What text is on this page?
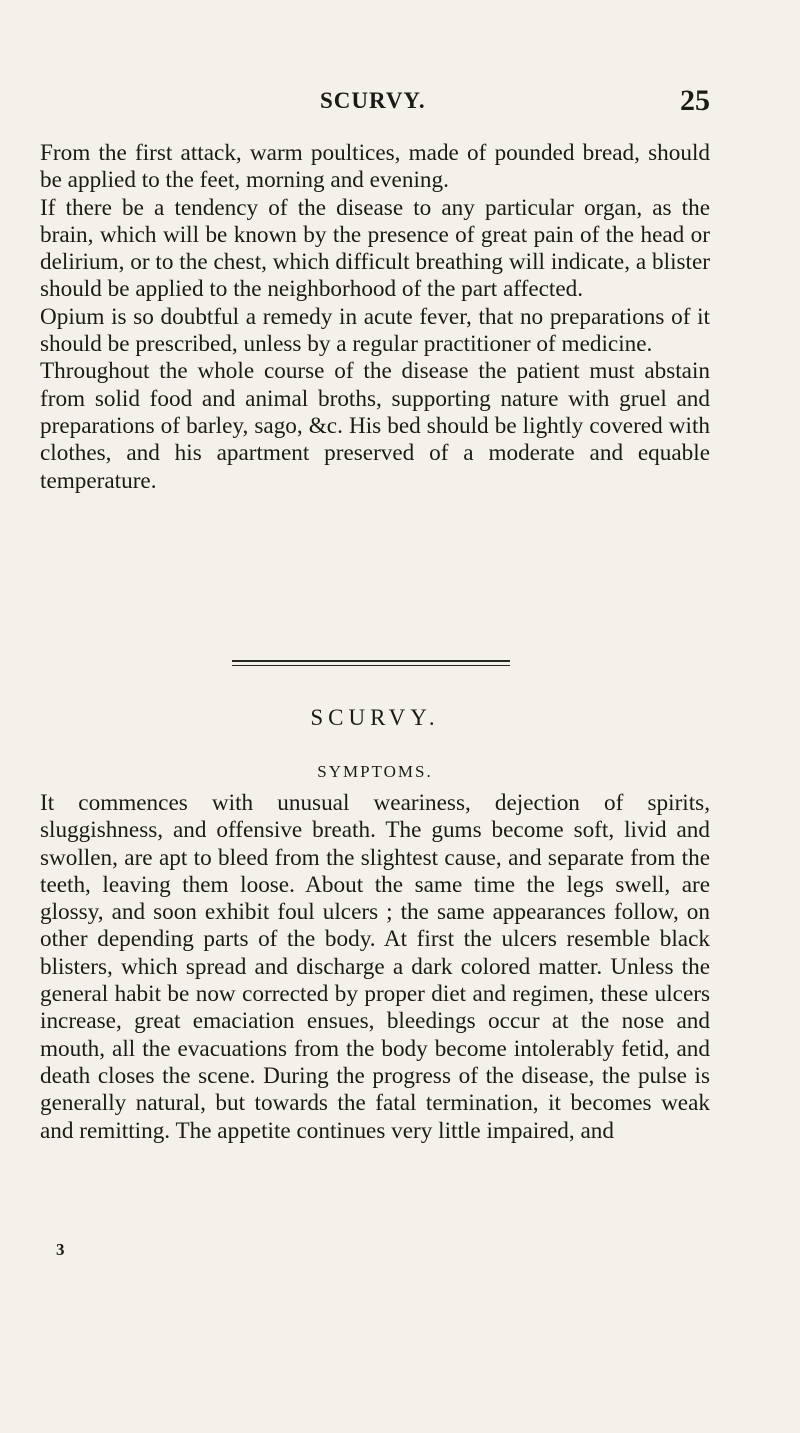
SCURVY.	25

From the first attack, warm poultices, made of pounded bread, should be applied to the feet, morning and evening.

If there be a tendency of the disease to any particular organ, as the brain, which will be known by the presence of great pain of the head or delirium, or to the chest, which difficult breathing will indicate, a blister should be applied to the neighborhood of the part affected.

Opium is so doubtful a remedy in acute fever, that no preparations of it should be prescribed, unless by a regular practitioner of medicine.

Throughout the whole course of the disease the patient must abstain from solid food and animal broths, supporting nature with gruel and preparations of barley, sago, &c. His bed should be lightly covered with clothes, and his apartment preserved of a moderate and equable temperature.

SCURVY.
SYMPTOMS.

It commences with unusual weariness, dejection of spirits, sluggishness, and offensive breath. The gums become soft, livid and swollen, are apt to bleed from the slightest cause, and separate from the teeth, leaving them loose. About the same time the legs swell, are glossy, and soon exhibit foul ulcers ; the same appearances follow, on other depending parts of the body. At first the ulcers resemble black blisters, which spread and discharge a dark colored matter. Unless the general habit be now corrected by proper diet and regimen, these ulcers increase, great emaciation ensues, bleedings occur at the nose and mouth, all the evacuations from the body become intolerably fetid, and death closes the scene. During the progress of the disease, the pulse is generally natural, but towards the fatal termination, it becomes weak and remitting. The appetite continues very little impaired, and

3
